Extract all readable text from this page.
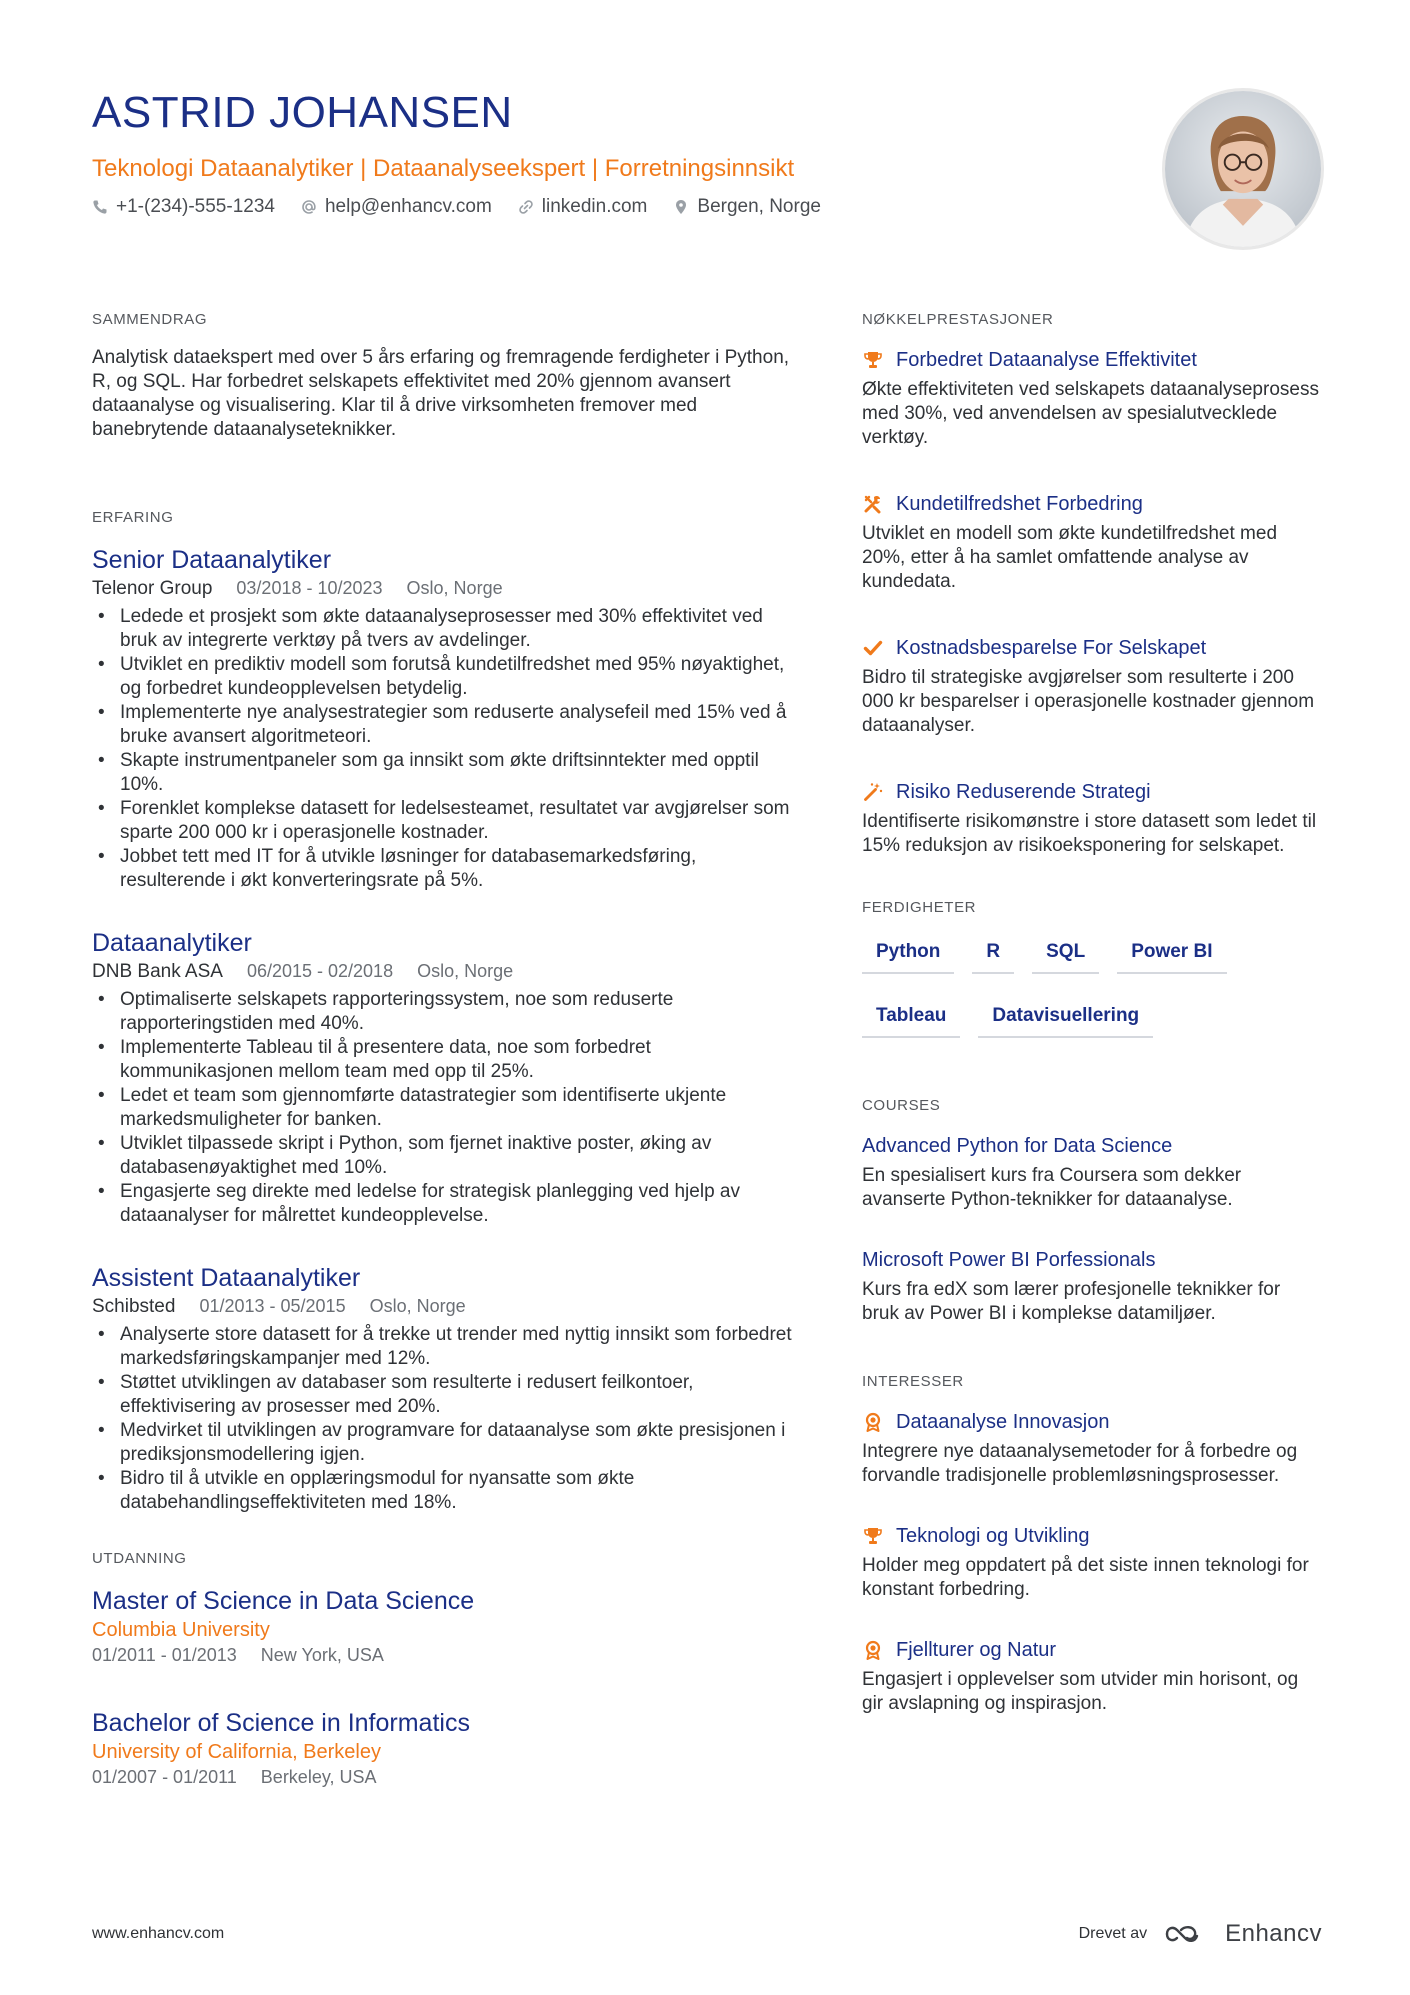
ASTRID JOHANSEN
Teknologi Dataanalytiker | Dataanalyseekspert | Forretningsinnsikt
+1-(234)-555-1234	help@enhancv.com	linkedin.com	Bergen, Norge
SAMMENDRAG

Analytisk dataekspert med over 5 års erfaring og fremragende ferdigheter i Python, R, og SQL. Har forbedret selskapets effektivitet med 20% gjennom avansert dataanalyse og visualisering. Klar til å drive virksomheten fremover med banebrytende dataanalyseteknikker.

ERFARING
Senior Dataanalytiker
Telenor Group 03/2018 - 10/2023 Oslo, Norge
• Ledede et prosjekt som økte dataanalyseprosesser med 30% effektivitet ved bruk av integrerte verktøy på tvers av avdelinger.
• Utviklet en prediktiv modell som forutså kundetilfredshet med 95% nøyaktighet, og forbedret kundeopplevelsen betydelig.
• Implementerte nye analysestrategier som reduserte analysefeil med 15% ved å bruke avansert algoritmeteori.
• Skapte instrumentpaneler som ga innsikt som økte driftsinntekter med opptil 10%.
• Forenklet komplekse datasett for ledelsesteamet, resultatet var avgjørelser som sparte 200 000 kr i operasjonelle kostnader.
• Jobbet tett med IT for å utvikle løsninger for databasemarkedsføring, resulterende i økt konverteringsrate på 5%.
Dataanalytiker
DNB Bank ASA 06/2015 - 02/2018 Oslo, Norge
• Optimaliserte selskapets rapporteringssystem, noe som reduserte rapporteringstiden med 40%.
• Implementerte Tableau til å presentere data, noe som forbedret kommunikasjonen mellom team med opp til 25%.
• Ledet et team som gjennomførte datastrategier som identifiserte ukjente markedsmuligheter for banken.
• Utviklet tilpassede skript i Python, som fjernet inaktive poster, øking av databasenøyaktighet med 10%.
• Engasjerte seg direkte med ledelse for strategisk planlegging ved hjelp av dataanalyser for målrettet kundeopplevelse.
Assistent Dataanalytiker
Schibsted 01/2013 - 05/2015 Oslo, Norge
• Analyserte store datasett for å trekke ut trender med nyttig innsikt som forbedret markedsføringskampanjer med 12%.
• Støttet utviklingen av databaser som resulterte i redusert feilkontoer, effektivisering av prosesser med 20%.
• Medvirket til utviklingen av programvare for dataanalyse som økte presisjonen i prediksjonsmodellering igjen.
• Bidro til å utvikle en opplæringsmodul for nyansatte som økte databehandlingseffektiviteten med 18%.
UTDANNING
Master of Science in Data Science
Columbia University
01/2011 - 01/2013 New York, USA
Bachelor of Science in Informatics
University of California, Berkeley
01/2007 - 01/2011 Berkeley, USA
NØKKELPRESTASJONER
Forbedret Dataanalyse Effektivitet

Økte effektiviteten ved selskapets dataanalyseprosess med 30%, ved anvendelsen av spesialutvecklede verktøy.

Kundetilfredshet Forbedring

Utviklet en modell som økte kundetilfredshet med 20%, etter å ha samlet omfattende analyse av kundedata.

Kostnadsbesparelse For Selskapet

Bidro til strategiske avgjørelser som resulterte i 200 000 kr besparelser i operasjonelle kostnader gjennom dataanalyser.

Risiko Reduserende Strategi

Identifiserte risikomønstre i store datasett som ledet til 15% reduksjon av risikoeksponering for selskapet.

FERDIGHETER
Python	R	SQL	Power BI
Tableau	Datavisuellering
COURSES
Advanced Python for Data Science

En spesialisert kurs fra Coursera som dekker avanserte Python-teknikker for dataanalyse.

Microsoft Power BI Porfessionals

Kurs fra edX som lærer profesjonelle teknikker for bruk av Power BI i komplekse datamiljøer.

INTERESSER
Dataanalyse Innovasjon

Integrere nye dataanalysemetoder for å forbedre og forvandle tradisjonelle problemløsningsprosesser.

Teknologi og Utvikling

Holder meg oppdatert på det siste innen teknologi for konstant forbedring.

Fjellturer og Natur

Engasjert i opplevelser som utvider min horisont, og gir avslapning og inspirasjon.

www.enhancv.com	Drevet av	Enhancv
